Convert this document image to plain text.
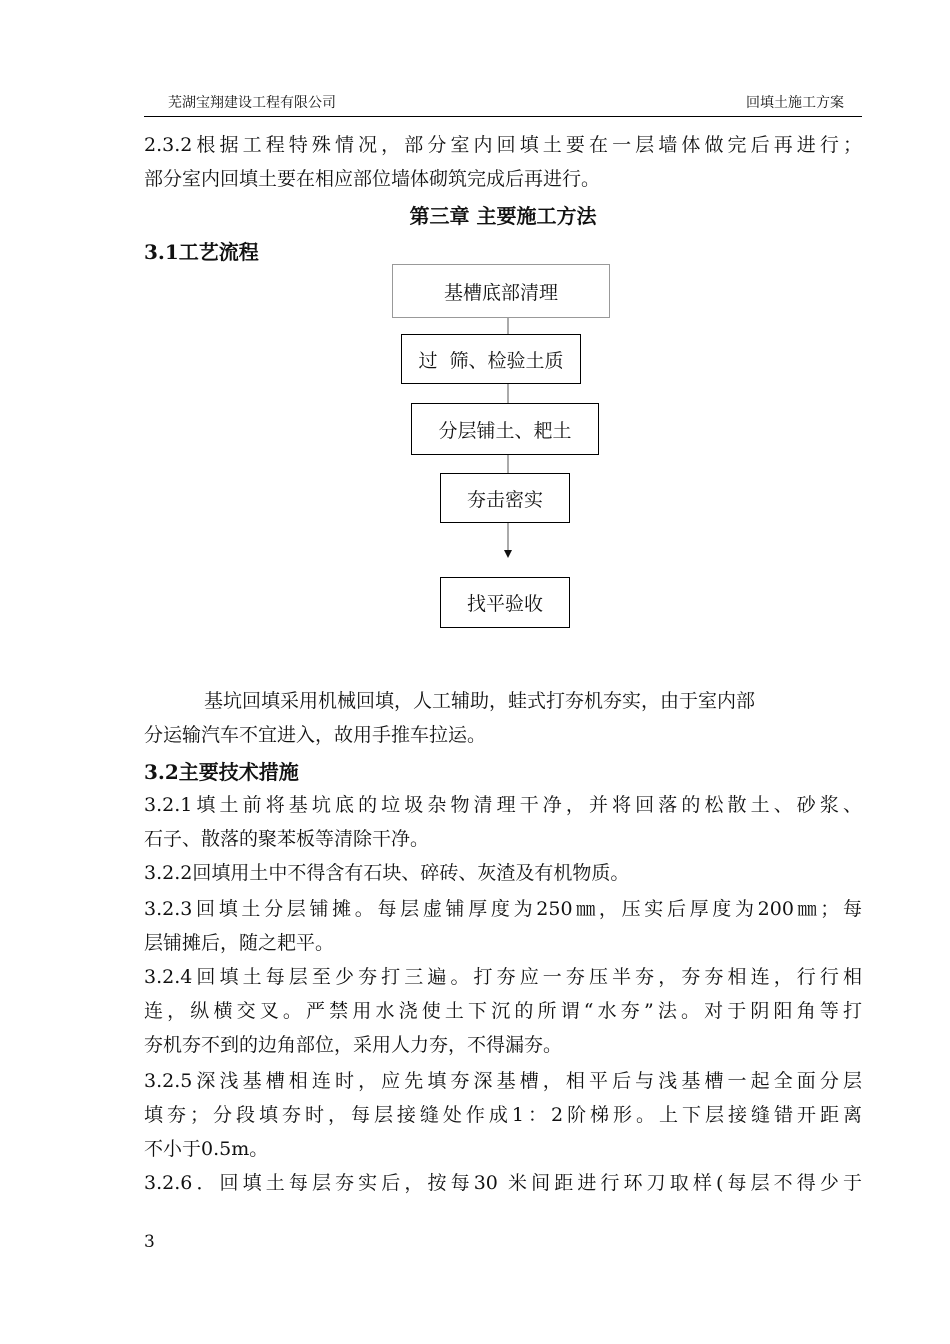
芜湖宝翔建设工程有限公司	回填土施工方案
2.3.2根据工程特殊情况，部分室内回填土要在一层墙体做完后再进行；
部分室内回填土要在相应部位墙体砌筑完成后再进行。
第三章 主要施工方法
3.1工艺流程
基槽底部清理
过  筛、检验土质
分层铺土、耙土
夯击密实
找平验收
基坑回填采用机械回填，人工辅助，蛙式打夯机夯实，由于室内部
分运输汽车不宜进入，故用手推车拉运。
3.2主要技术措施
3.2.1填土前将基坑底的垃圾杂物清理干净，并将回落的松散土、砂浆、
石子、散落的聚苯板等清除干净。
3.2.2回填用土中不得含有石块、碎砖、灰渣及有机物质。
3.2.3回填土分层铺摊。每层虚铺厚度为250㎜，压实后厚度为200㎜；每
层铺摊后，随之耙平。
3.2.4回填土每层至少夯打三遍。打夯应一夯压半夯，夯夯相连，行行相
连，纵横交叉。严禁用水浇使土下沉的所谓“水夯”法。对于阴阳角等打
夯机夯不到的边角部位，采用人力夯，不得漏夯。
3.2.5深浅基槽相连时，应先填夯深基槽，相平后与浅基槽一起全面分层
填夯；分段填夯时，每层接缝处作成1：2阶梯形。上下层接缝错开距离
不小于0.5m。
3.2.6．回填土每层夯实后，按每30 米间距进行环刀取样(每层不得少于
3
